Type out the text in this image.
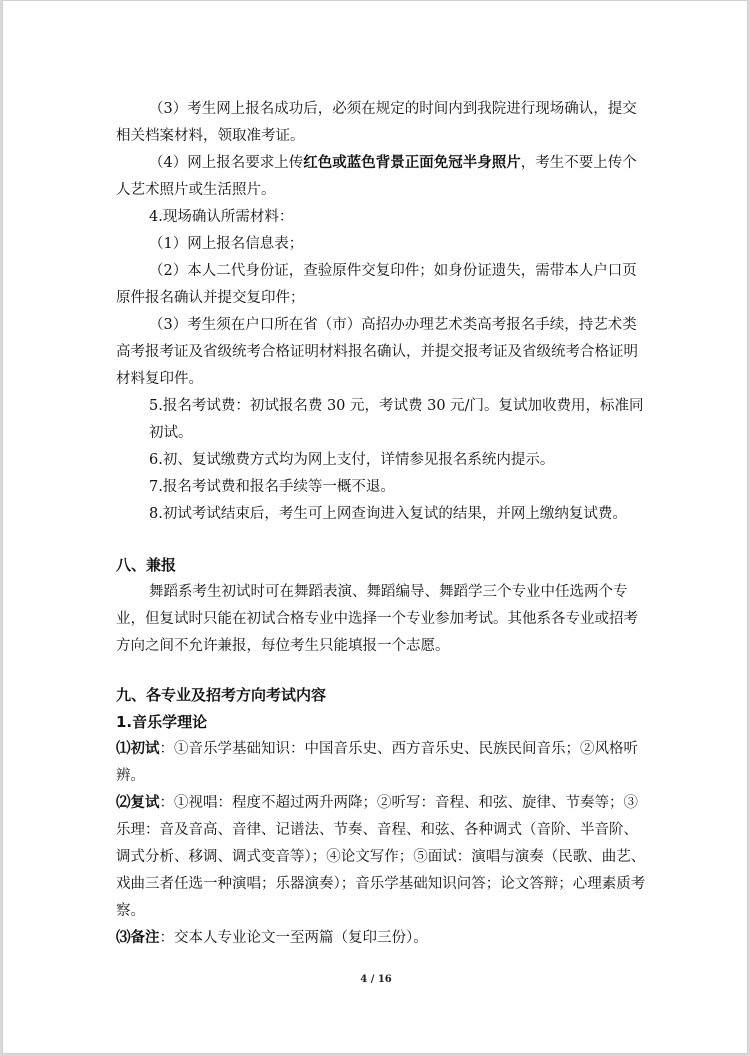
（3）考生网上报名成功后，必须在规定的时间内到我院进行现场确认，提交相关档案材料，领取准考证。

（4）网上报名要求上传红色或蓝色背景正面免冠半身照片，考生不要上传个人艺术照片或生活照片。

4.现场确认所需材料：

（1）网上报名信息表；

（2）本人二代身份证，查验原件交复印件；如身份证遗失，需带本人户口页原件报名确认并提交复印件；

（3）考生须在户口所在省（市）高招办办理艺术类高考报名手续，持艺术类高考报考证及省级统考合格证明材料报名确认，并提交报考证及省级统考合格证明材料复印件。

5.报名考试费：初试报名费 30 元，考试费 30 元/门。复试加收费用，标准同初试。

6.初、复试缴费方式均为网上支付，详情参见报名系统内提示。

7.报名考试费和报名手续等一概不退。

8.初试考试结束后，考生可上网查询进入复试的结果，并网上缴纳复试费。

八、兼报

舞蹈系考生初试时可在舞蹈表演、舞蹈编导、舞蹈学三个专业中任选两个专业，但复试时只能在初试合格专业中选择一个专业参加考试。其他系各专业或招考方向之间不允许兼报，每位考生只能填报一个志愿。

九、各专业及招考方向考试内容

1.音乐学理论

⑴初试：①音乐学基础知识：中国音乐史、西方音乐史、民族民间音乐；②风格听辨。

⑵复试：①视唱：程度不超过两升两降；②听写：音程、和弦、旋律、节奏等；③乐理：音及音高、音律、记谱法、节奏、音程、和弦、各种调式（音阶、半音阶、调式分析、移调、调式变音等）；④论文写作；⑤面试：演唱与演奏（民歌、曲艺、戏曲三者任选一种演唱；乐器演奏）；音乐学基础知识问答；论文答辩；心理素质考察。

⑶备注：交本人专业论文一至两篇（复印三份）。

4 / 16
